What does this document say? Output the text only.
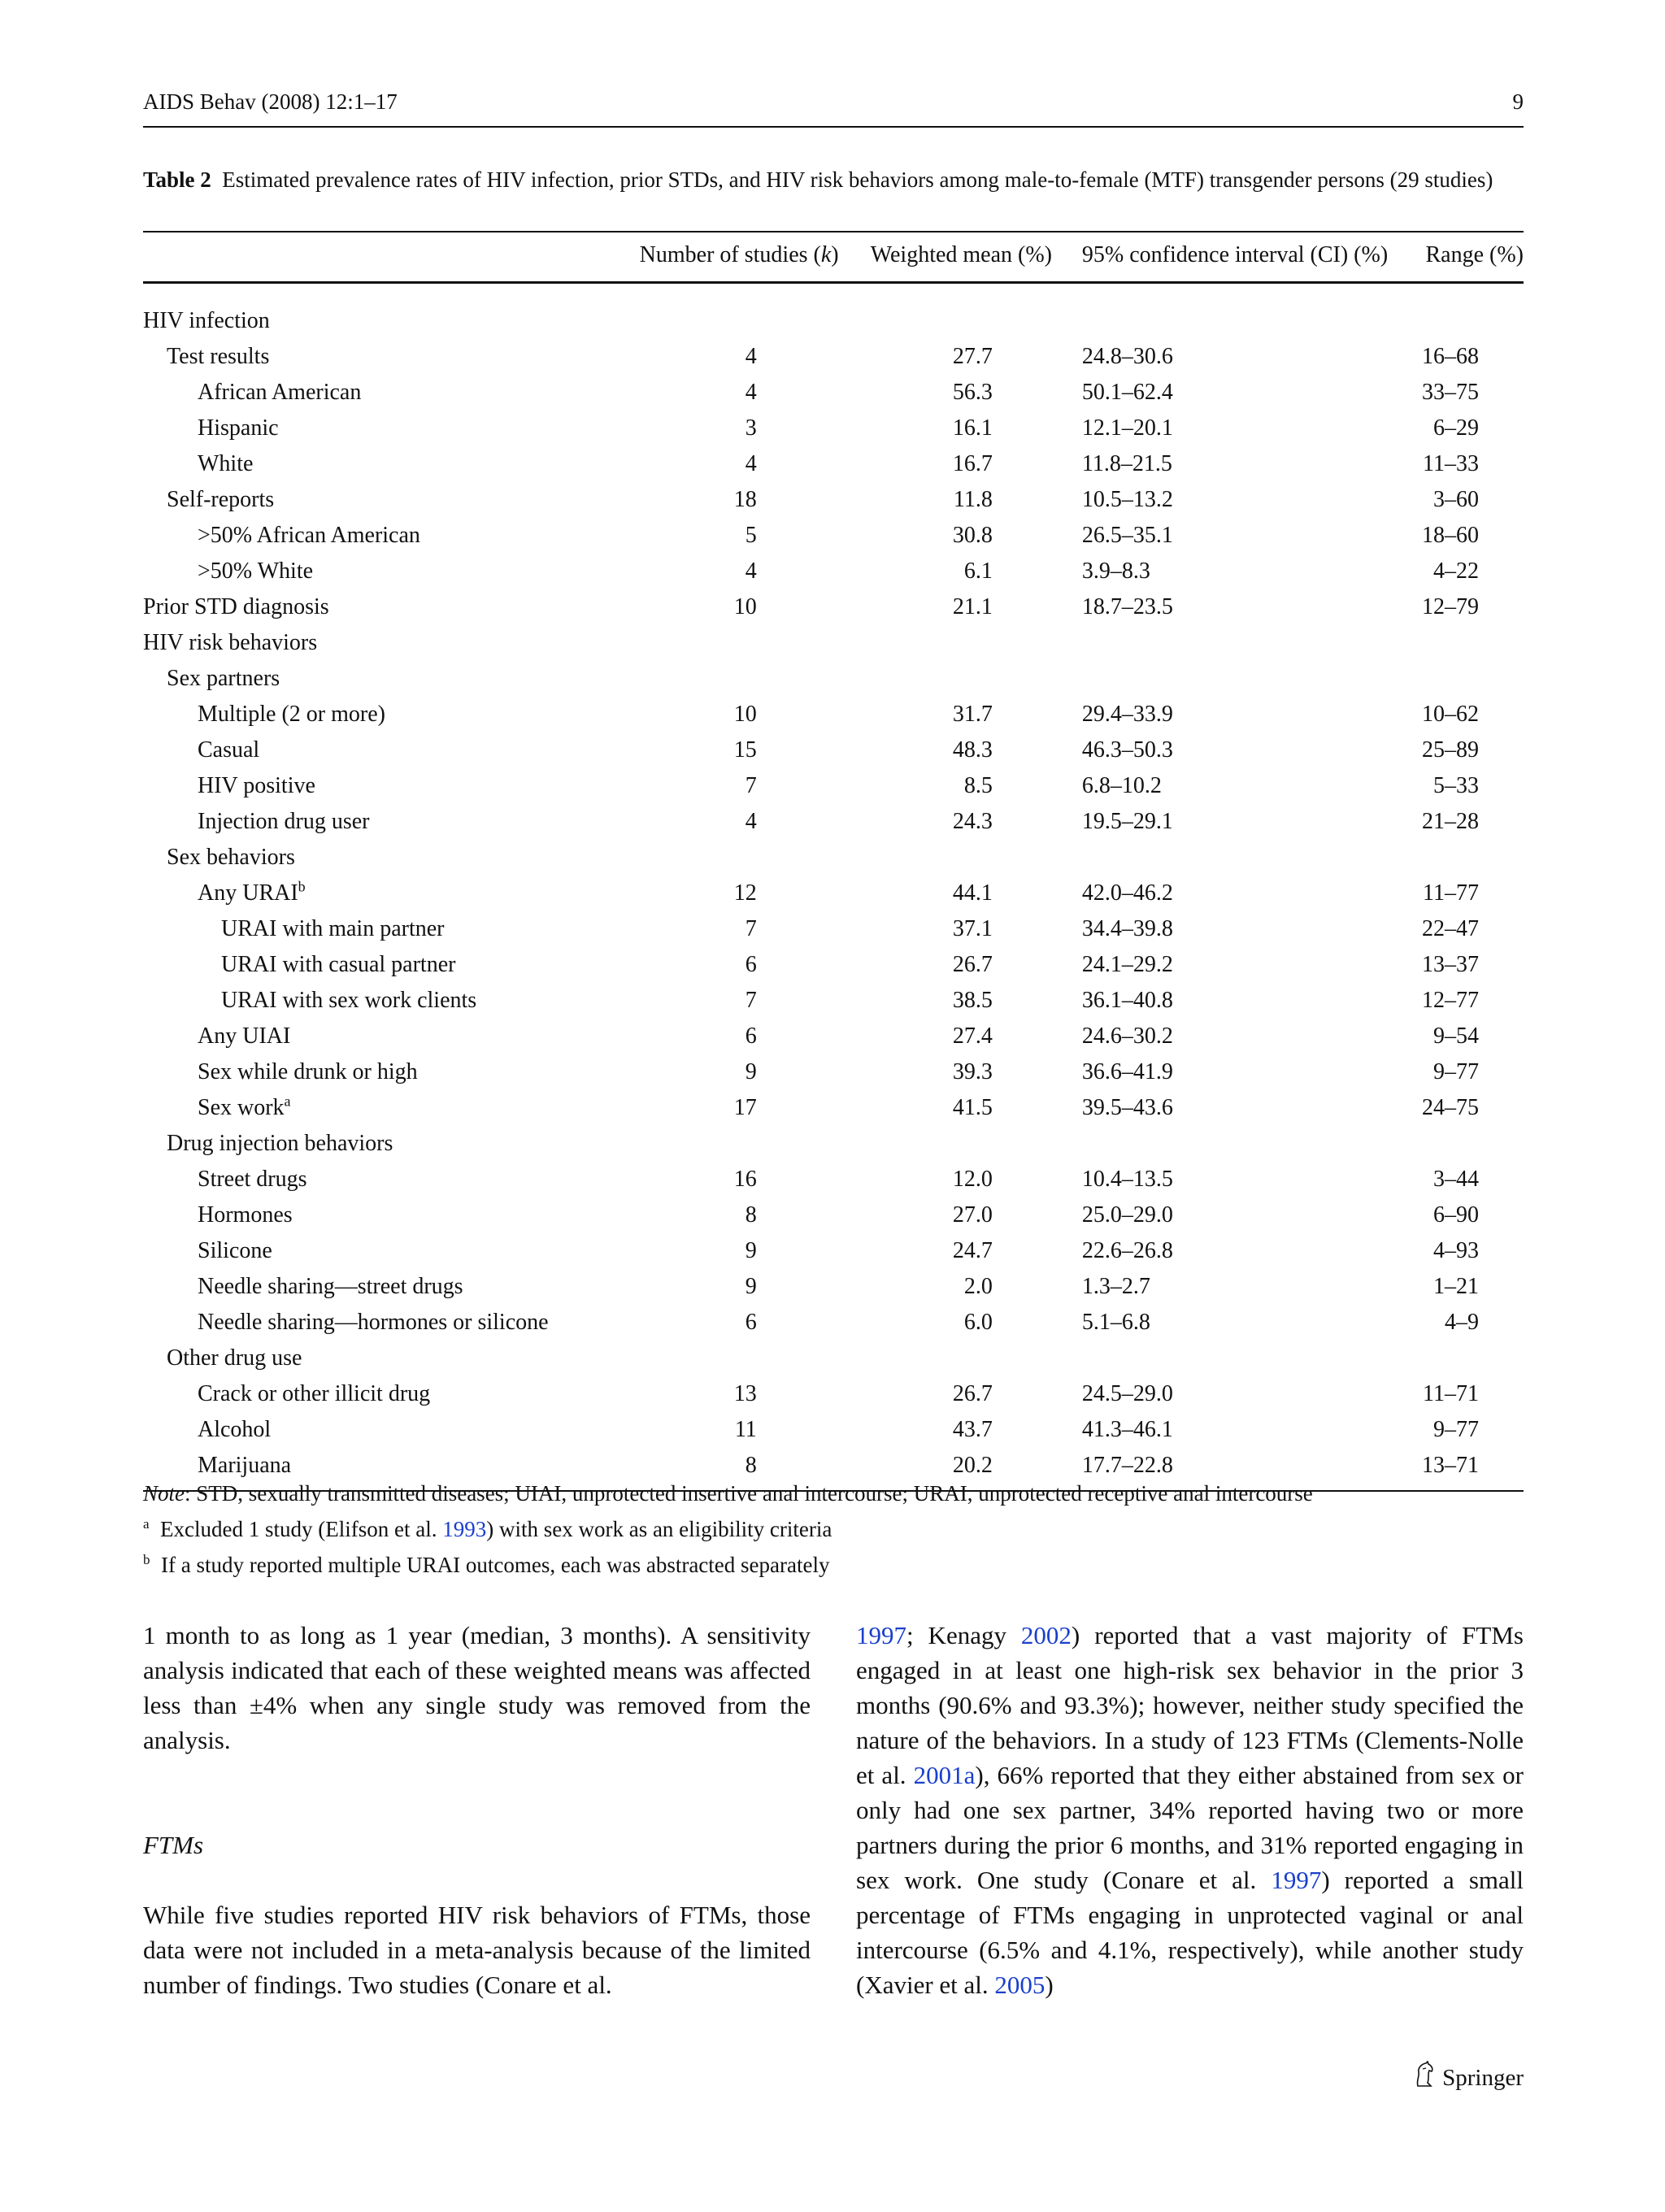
AIDS Behav (2008) 12:1–17	9
Table 2 Estimated prevalence rates of HIV infection, prior STDs, and HIV risk behaviors among male-to-female (MTF) transgender persons (29 studies)
	Number of studies (k)	Weighted mean (%)	95% confidence interval (CI) (%)	Range (%)

HIV infection				
Test results	4	27.7	24.8–30.6	16–68
African American	4	56.3	50.1–62.4	33–75
Hispanic	3	16.1	12.1–20.1	6–29
White	4	16.7	11.8–21.5	11–33
Self-reports	18	11.8	10.5–13.2	3–60
>50% African American	5	30.8	26.5–35.1	18–60
>50% White	4	6.1	3.9–8.3	4–22
Prior STD diagnosis	10	21.1	18.7–23.5	12–79
HIV risk behaviors				
Sex partners				
Multiple (2 or more)	10	31.7	29.4–33.9	10–62
Casual	15	48.3	46.3–50.3	25–89
HIV positive	7	8.5	6.8–10.2	5–33
Injection drug user	4	24.3	19.5–29.1	21–28
Sex behaviors				
Any URAI$^b$	12	44.1	42.0–46.2	11–77
URAI with main partner	7	37.1	34.4–39.8	22–47
URAI with casual partner	6	26.7	24.1–29.2	13–37
URAI with sex work clients	7	38.5	36.1–40.8	12–77
Any UIAI	6	27.4	24.6–30.2	9–54
Sex while drunk or high	9	39.3	36.6–41.9	9–77
Sex work$^a$	17	41.5	39.5–43.6	24–75
Drug injection behaviors				
Street drugs	16	12.0	10.4–13.5	3–44
Hormones	8	27.0	25.0–29.0	6–90
Silicone	9	24.7	22.6–26.8	4–93
Needle sharing—street drugs	9	2.0	1.3–2.7	1–21
Needle sharing—hormones or silicone	6	6.0	5.1–6.8	4–9
Other drug use				
Crack or other illicit drug	13	26.7	24.5–29.0	11–71
Alcohol	11	43.7	41.3–46.1	9–77
Marijuana	8	20.2	17.7–22.8	13–71
Note: STD, sexually transmitted diseases; UIAI, unprotected insertive anal intercourse; URAI, unprotected receptive anal intercourse
$^a$ Excluded 1 study (Elifson et al. 1993) with sex work as an eligibility criteria
$^b$ If a study reported multiple URAI outcomes, each was abstracted separately

1 month to as long as 1 year (median, 3 months). A sensitivity analysis indicated that each of these weighted means was affected less than ±4% when any single study was removed from the analysis.

FTMs

While five studies reported HIV risk behaviors of FTMs, those data were not included in a meta-analysis because of the limited number of findings. Two studies (Conare et al.

1997; Kenagy 2002) reported that a vast majority of FTMs engaged in at least one high-risk sex behavior in the prior 3 months (90.6% and 93.3%); however, neither study specified the nature of the behaviors. In a study of 123 FTMs (Clements-Nolle et al. 2001a), 66% reported that they either abstained from sex or only had one sex partner, 34% reported having two or more partners during the prior 6 months, and 31% reported engaging in sex work. One study (Conare et al. 1997) reported a small percentage of FTMs engaging in unprotected vaginal or anal intercourse (6.5% and 4.1%, respectively), while another study (Xavier et al. 2005)

Springer
